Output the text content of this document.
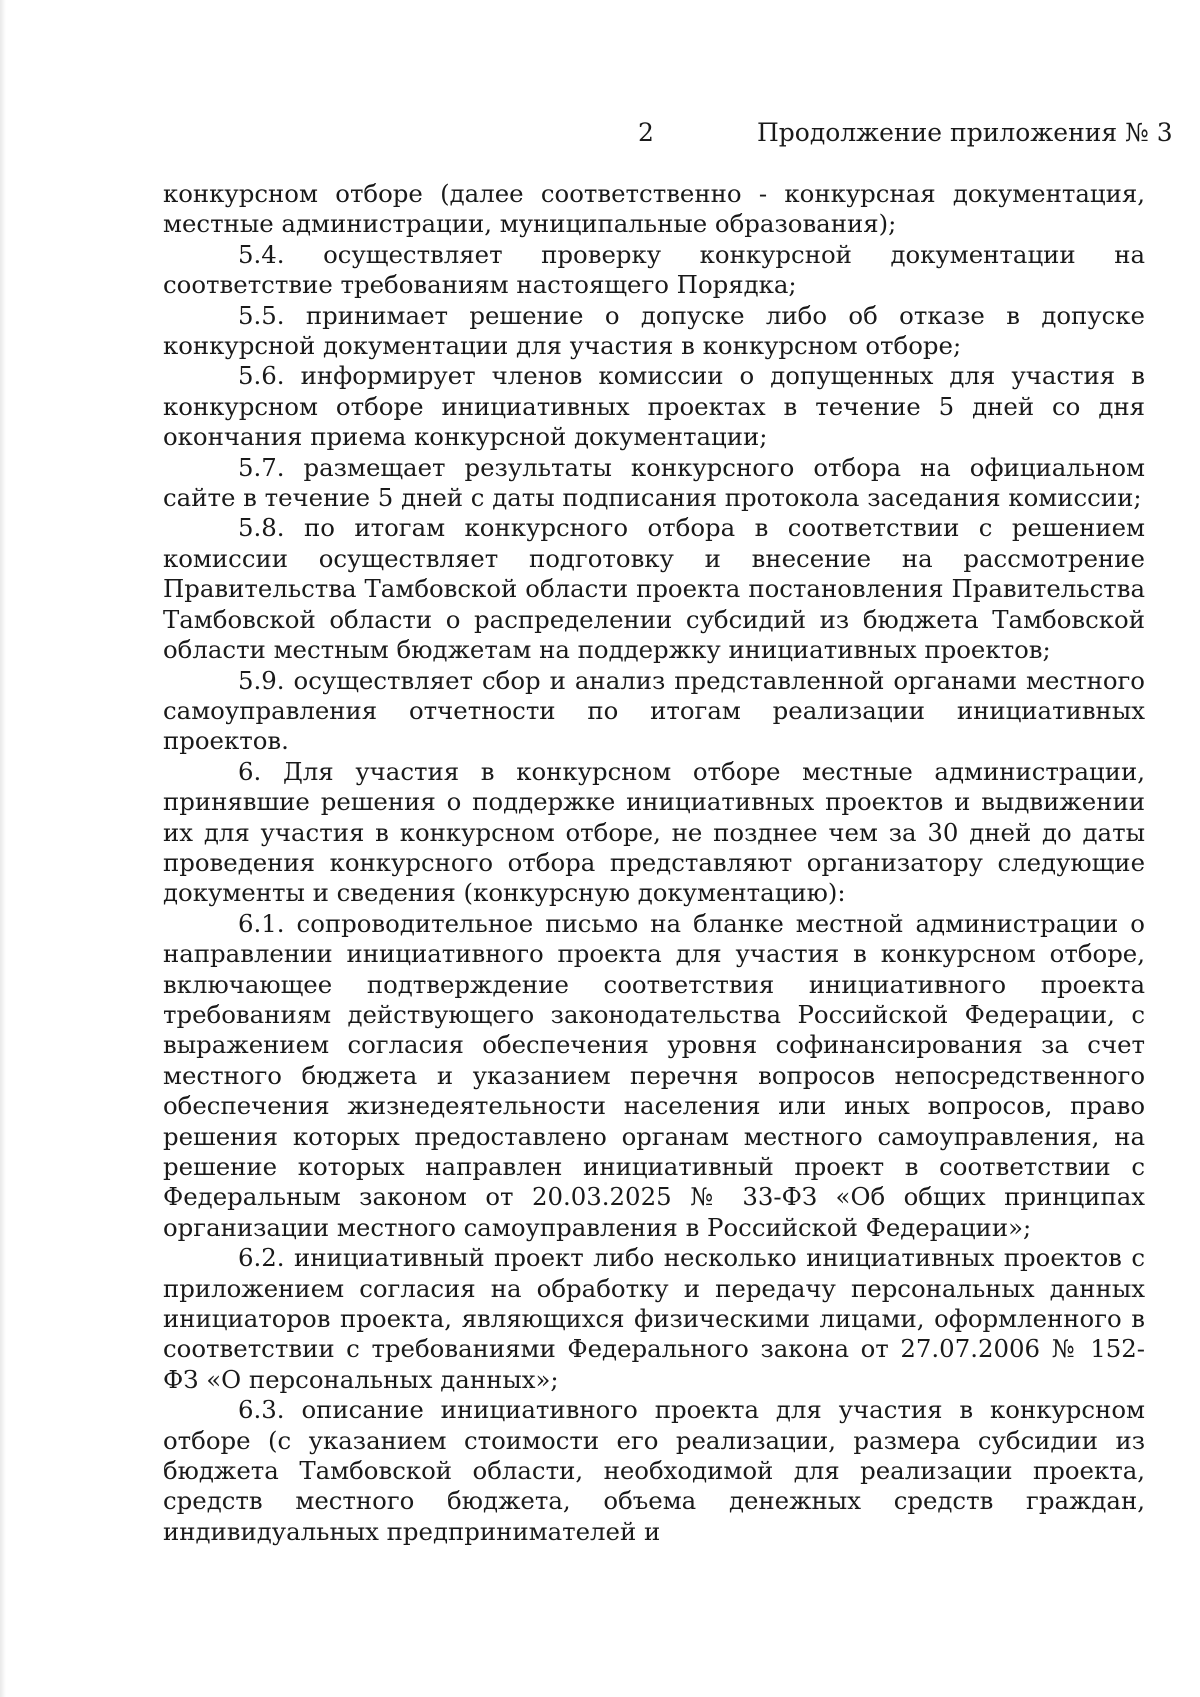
2	Продолжение приложения № 3

конкурсном отборе (далее соответственно - конкурсная документация, местные администрации, муниципальные образования);

5.4. осуществляет проверку конкурсной документации на соответствие требованиям настоящего Порядка;

5.5. принимает решение о допуске либо об отказе в допуске конкурсной документации для участия в конкурсном отборе;

5.6. информирует членов комиссии о допущенных для участия в конкурсном отборе инициативных проектах в течение 5 дней со дня окончания приема конкурсной документации;

5.7. размещает результаты конкурсного отбора на официальном сайте в течение 5 дней с даты подписания протокола заседания комиссии;

5.8. по итогам конкурсного отбора в соответствии с решением комиссии осуществляет подготовку и внесение на рассмотрение Правительства Тамбовской области проекта постановления Правительства Тамбовской области о распределении субсидий из бюджета Тамбовской области местным бюджетам на поддержку инициативных проектов;

5.9. осуществляет сбор и анализ представленной органами местного самоуправления отчетности по итогам реализации инициативных проектов.

6. Для участия в конкурсном отборе местные администрации, принявшие решения о поддержке инициативных проектов и выдвижении их для участия в конкурсном отборе, не позднее чем за 30 дней до даты проведения конкурсного отбора представляют организатору следующие документы и сведения (конкурсную документацию):

6.1. сопроводительное письмо на бланке местной администрации о направлении инициативного проекта для участия в конкурсном отборе, включающее подтверждение соответствия инициативного проекта требованиям действующего законодательства Российской Федерации, с выражением согласия обеспечения уровня софинансирования за счет местного бюджета и указанием перечня вопросов непосредственного обеспечения жизнедеятельности населения или иных вопросов, право решения которых предоставлено органам местного самоуправления, на решение которых направлен инициативный проект в соответствии с Федеральным законом от 20.03.2025 № 33-ФЗ «Об общих принципах организации местного самоуправления в Российской Федерации»;

6.2. инициативный проект либо несколько инициативных проектов с приложением согласия на обработку и передачу персональных данных инициаторов проекта, являющихся физическими лицами, оформленного в соответствии с требованиями Федерального закона от 27.07.2006 № 152-ФЗ «О персональных данных»;

6.3. описание инициативного проекта для участия в конкурсном отборе (с указанием стоимости его реализации, размера субсидии из бюджета Тамбовской области, необходимой для реализации проекта, средств местного бюджета, объема денежных средств граждан, индивидуальных предпринимателей и
